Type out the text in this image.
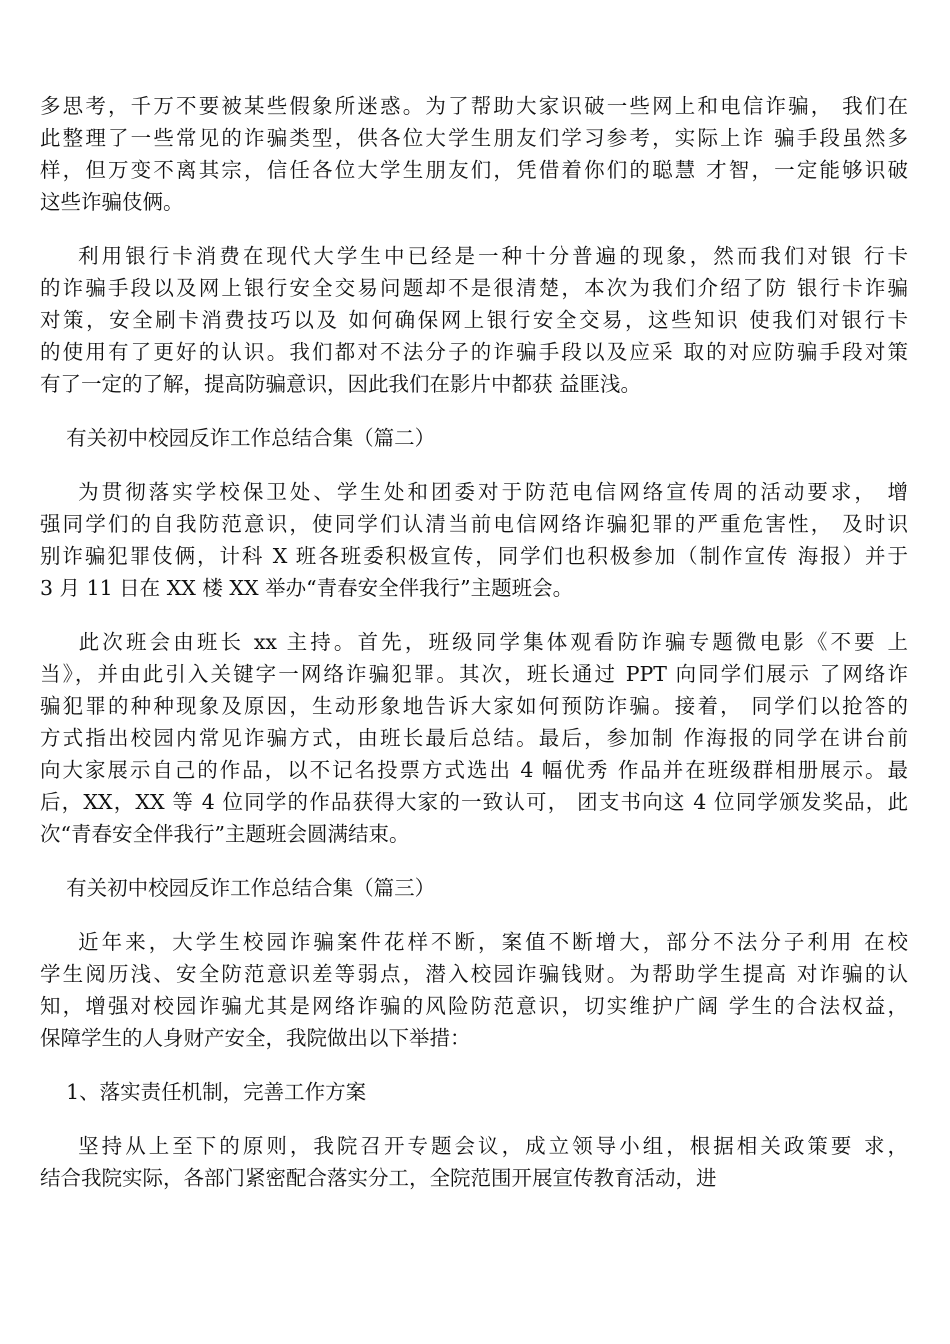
多思考，千万不要被某些假象所迷惑。为了帮助大家识破一些网上和电信诈骗， 我们在
此整理了一些常见的诈骗类型，供各位大学生朋友们学习参考，实际上诈 骗手段虽然多
样，但万变不离其宗，信任各位大学生朋友们，凭借着你们的聪慧 才智，一定能够识破
这些诈骗伎俩。
利用银行卡消费在现代大学生中已经是一种十分普遍的现象，然而我们对银 行卡
的诈骗手段以及网上银行安全交易问题却不是很清楚，本次为我们介绍了防 银行卡诈骗
对策，安全刷卡消费技巧以及 如何确保网上银行安全交易，这些知识 使我们对银行卡
的使用有了更好的认识。我们都对不法分子的诈骗手段以及应采 取的对应防骗手段对策
有了一定的了解，提高防骗意识，因此我们在影片中都获 益匪浅。
有关初中校园反诈工作总结合集（篇二）
为贯彻落实学校保卫处、学生处和团委对于防范电信网络宣传周的活动要求， 增
强同学们的自我防范意识，使同学们认清当前电信网络诈骗犯罪的严重危害性， 及时识
别诈骗犯罪伎俩，计科 X 班各班委积极宣传，同学们也积极参加（制作宣传 海报）并于
3 月 11 日在 XX 楼 XX 举办“青春安全伴我行”主题班会。
此次班会由班长 xx 主持。首先，班级同学集体观看防诈骗专题微电影《不要 上
当》，并由此引入关键字一网络诈骗犯罪。其次，班长通过 PPT 向同学们展示 了网络诈
骗犯罪的种种现象及原因，生动形象地告诉大家如何预防诈骗。接着， 同学们以抢答的
方式指出校园内常见诈骗方式，由班长最后总结。最后，参加制 作海报的同学在讲台前
向大家展示自己的作品，以不记名投票方式选出 4 幅优秀 作品并在班级群相册展示。最
后，XX，XX 等 4 位同学的作品获得大家的一致认可， 团支书向这 4 位同学颁发奖品，此
次“青春安全伴我行”主题班会圆满结束。
有关初中校园反诈工作总结合集（篇三）
近年来，大学生校园诈骗案件花样不断，案值不断增大，部分不法分子利用 在校
学生阅历浅、安全防范意识差等弱点，潜入校园诈骗钱财。为帮助学生提高 对诈骗的认
知，增强对校园诈骗尤其是网络诈骗的风险防范意识，切实维护广阔 学生的合法权益，
保障学生的人身财产安全，我院做出以下举措：
1、落实责任机制，完善工作方案
坚持从上至下的原则，我院召开专题会议，成立领导小组，根据相关政策要 求，
结合我院实际，各部门紧密配合落实分工，全院范围开展宣传教育活动，进
